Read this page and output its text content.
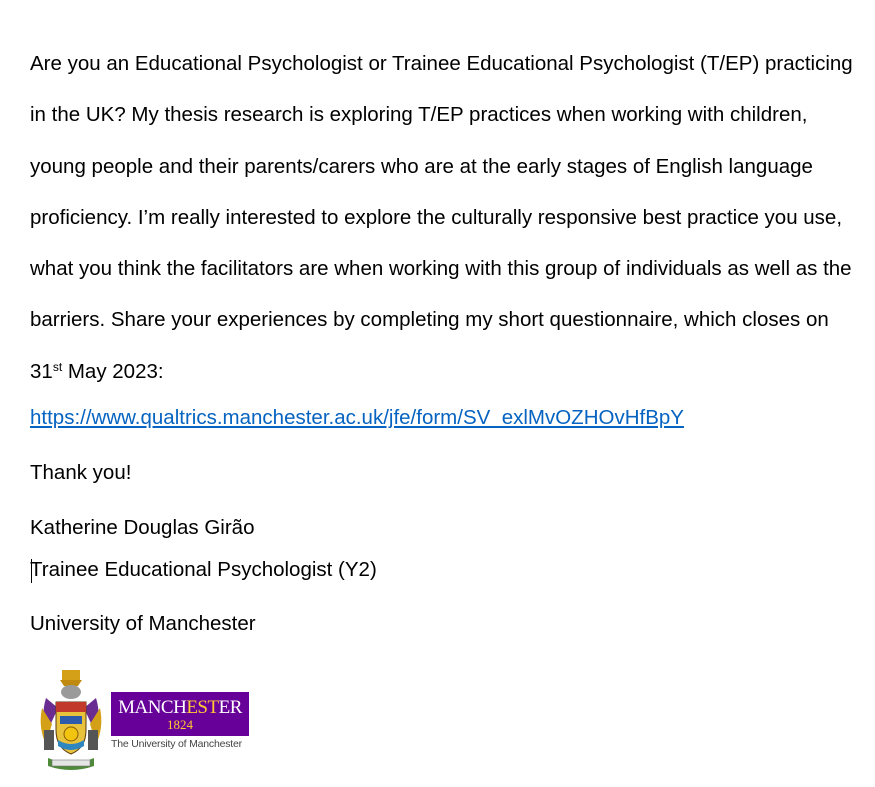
Are you an Educational Psychologist or Trainee Educational Psychologist (T/EP) practicing in the UK? My thesis research is exploring T/EP practices when working with children, young people and their parents/carers who are at the early stages of English language proficiency. I’m really interested to explore the culturally responsive best practice you use, what you think the facilitators are when working with this group of individuals as well as the barriers. Share your experiences by completing my short questionnaire, which closes on 31st May 2023:

https://www.qualtrics.manchester.ac.uk/jfe/form/SV_exlMvOZHOvHfBpY
Thank you!
Katherine Douglas Girão
Trainee Educational Psychologist (Y2)
University of Manchester
MANCHESTER
1824
The University of Manchester
